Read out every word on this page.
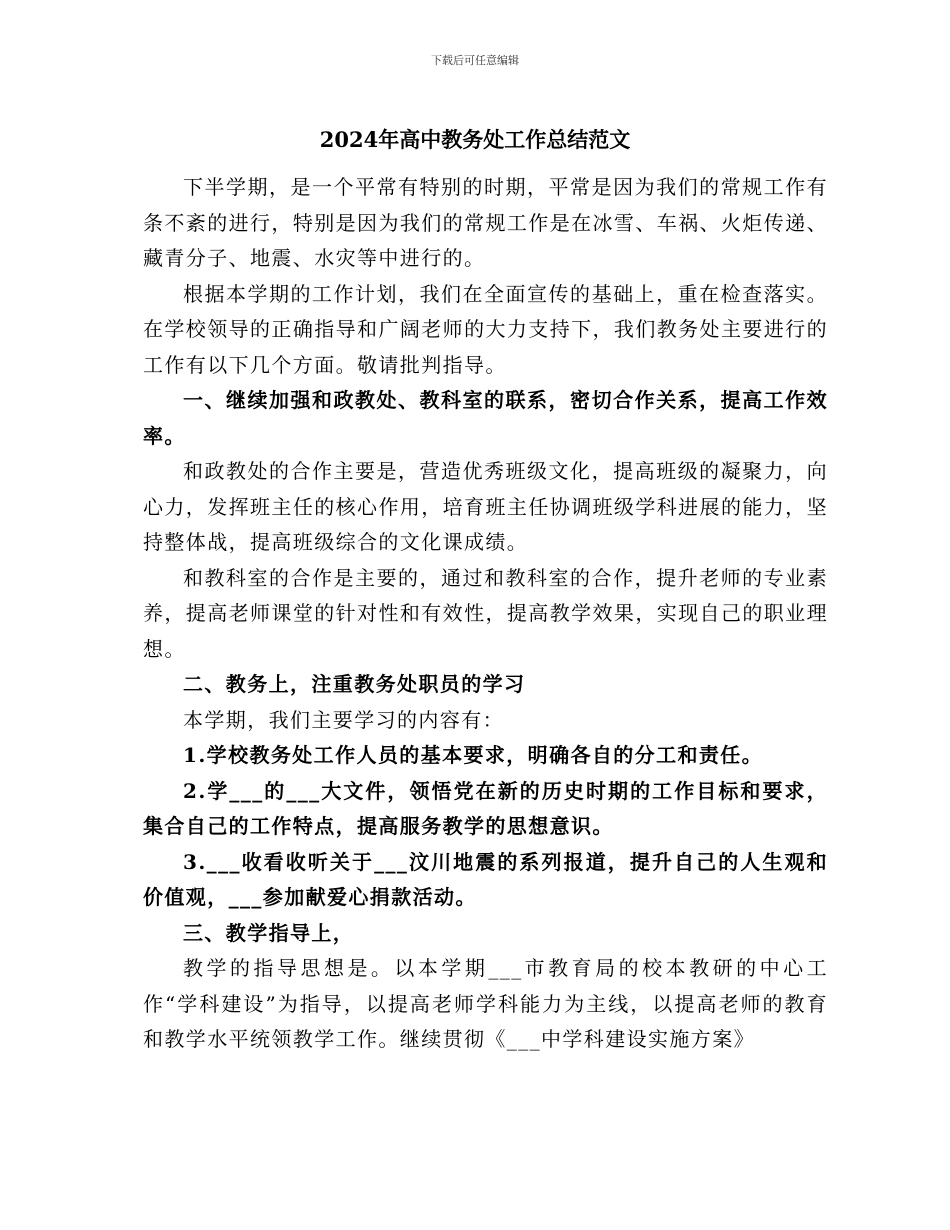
下载后可任意编辑
2024年高中教务处工作总结范文

下半学期，是一个平常有特别的时期，平常是因为我们的常规工作有条不紊的进行，特别是因为我们的常规工作是在冰雪、车祸、火炬传递、藏青分子、地震、水灾等中进行的。

根据本学期的工作计划，我们在全面宣传的基础上，重在检查落实。在学校领导的正确指导和广阔老师的大力支持下，我们教务处主要进行的工作有以下几个方面。敬请批判指导。

一、继续加强和政教处、教科室的联系，密切合作关系，提高工作效率。

和政教处的合作主要是，营造优秀班级文化，提高班级的凝聚力，向心力，发挥班主任的核心作用，培育班主任协调班级学科进展的能力，坚持整体战，提高班级综合的文化课成绩。

和教科室的合作是主要的，通过和教科室的合作，提升老师的专业素养，提高老师课堂的针对性和有效性，提高教学效果，实现自己的职业理想。

二、教务上，注重教务处职员的学习

本学期，我们主要学习的内容有：

1.学校教务处工作人员的基本要求，明确各自的分工和责任。

2.学___的___大文件，领悟党在新的历史时期的工作目标和要求，集合自己的工作特点，提高服务教学的思想意识。

3.___收看收听关于___汶川地震的系列报道，提升自己的人生观和价值观，___参加献爱心捐款活动。

三、教学指导上，

教学的指导思想是。以本学期___市教育局的校本教研的中心工作“学科建设”为指导，以提高老师学科能力为主线，以提高老师的教育和教学水平统领教学工作。继续贯彻《___中学科建设实施方案》
